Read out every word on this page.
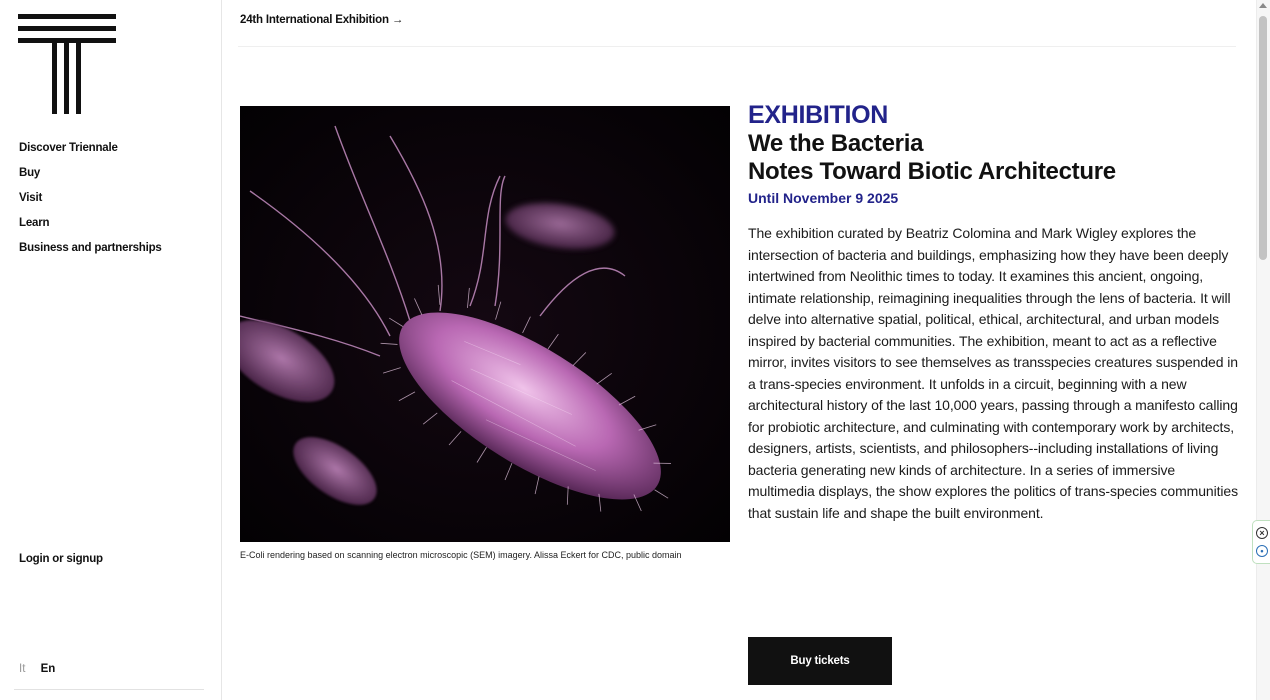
Discover Triennale
Buy
Visit
Learn
Business and partnerships
Login or signup
It En
24th International Exhibition →
E-Coli rendering based on scanning electron microscopic (SEM) imagery. Alissa Eckert for CDC, public domain
EXHIBITION
We the Bacteria
Notes Toward Biotic Architecture
Until November 9 2025

The exhibition curated by Beatriz Colomina and Mark Wigley explores the intersection of bacteria and buildings, emphasizing how they have been deeply intertwined from Neolithic times to today. It examines this ancient, ongoing, intimate relationship, reimagining inequalities through the lens of bacteria. It will delve into alternative spatial, political, ethical, architectural, and urban models inspired by bacterial communities. The exhibition, meant to act as a reflective mirror, invites visitors to see themselves as transspecies creatures suspended in a trans-species environment. It unfolds in a circuit, beginning with a new architectural history of the last 10,000 years, passing through a manifesto calling for probiotic architecture, and culminating with contemporary work by architects, designers, artists, scientists, and philosophers--including installations of living bacteria generating new kinds of architecture. In a series of immersive multimedia displays, the show explores the politics of trans-species communities that sustain life and shape the built environment.

Buy tickets
×
•
